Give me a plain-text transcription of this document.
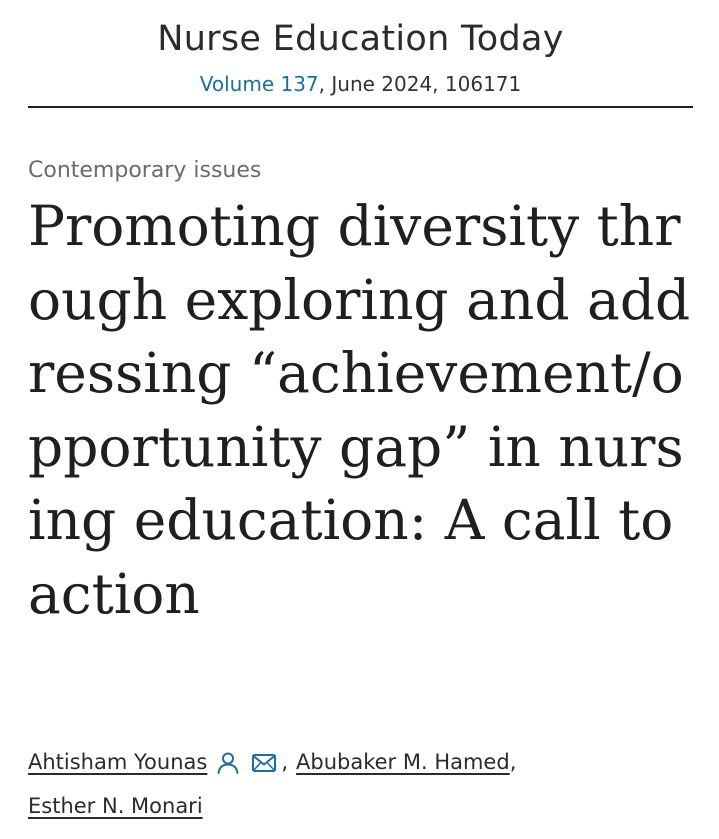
Nurse Education Today
Volume 137, June 2024, 106171
Contemporary issues
Promoting diversity through exploring and addressing “achievement/opportunity gap” in nursing education: A call to action
Ahtisham Younas	, Abubaker M. Hamed,
Esther N. Monari
